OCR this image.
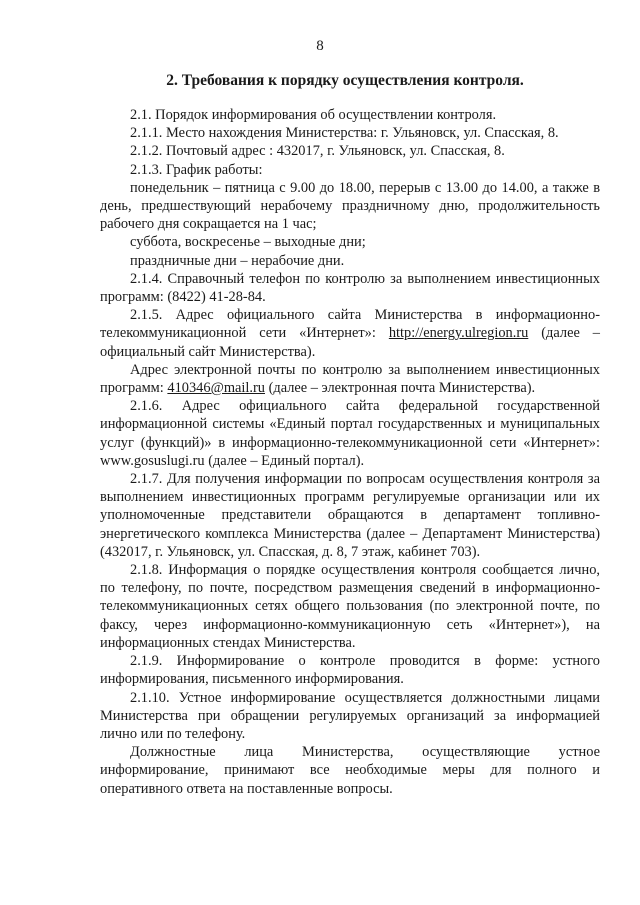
8
2. Требования к порядку осуществления контроля.

2.1. Порядок информирования об осуществлении контроля.

2.1.1. Место нахождения Министерства: г. Ульяновск, ул. Спасская, 8.

2.1.2. Почтовый адрес : 432017, г. Ульяновск, ул. Спасская, 8.

2.1.3. График работы:

понедельник – пятница с 9.00 до 18.00, перерыв с 13.00 до 14.00, а также в день, предшествующий нерабочему праздничному дню, продолжительность рабочего дня сокращается на 1 час;

суббота, воскресенье – выходные дни;

праздничные дни – нерабочие дни.

2.1.4. Справочный телефон по контролю за выполнением инвестиционных программ: (8422) 41-28-84.

2.1.5. Адрес официального сайта Министерства в информационно-телекоммуникационной сети «Интернет»: http://energy.ulregion.ru (далее – официальный сайт Министерства).

Адрес электронной почты по контролю за выполнением инвестиционных программ: 410346@mail.ru (далее – электронная почта Министерства).

2.1.6. Адрес официального сайта федеральной государственной информационной системы «Единый портал государственных и муниципальных услуг (функций)» в информационно-телекоммуникационной сети «Интернет»: www.gosuslugi.ru (далее – Единый портал).

2.1.7. Для получения информации по вопросам осуществления контроля за выполнением инвестиционных программ регулируемые организации или их уполномоченные представители обращаются в департамент топливно-энергетического комплекса Министерства (далее – Департамент Министерства) (432017, г. Ульяновск, ул. Спасская, д. 8, 7 этаж, кабинет 703).

2.1.8. Информация о порядке осуществления контроля сообщается лично, по телефону, по почте, посредством размещения сведений в информационно-телекоммуникационных сетях общего пользования (по электронной почте, по факсу, через информационно-коммуникационную сеть «Интернет»), на информационных стендах Министерства.

2.1.9. Информирование о контроле проводится в форме: устного информирования, письменного информирования.

2.1.10. Устное информирование осуществляется должностными лицами Министерства при обращении регулируемых организаций за информацией лично или по телефону.

Должностные лица Министерства, осуществляющие устное информирование, принимают все необходимые меры для полного и оперативного ответа на поставленные вопросы.
